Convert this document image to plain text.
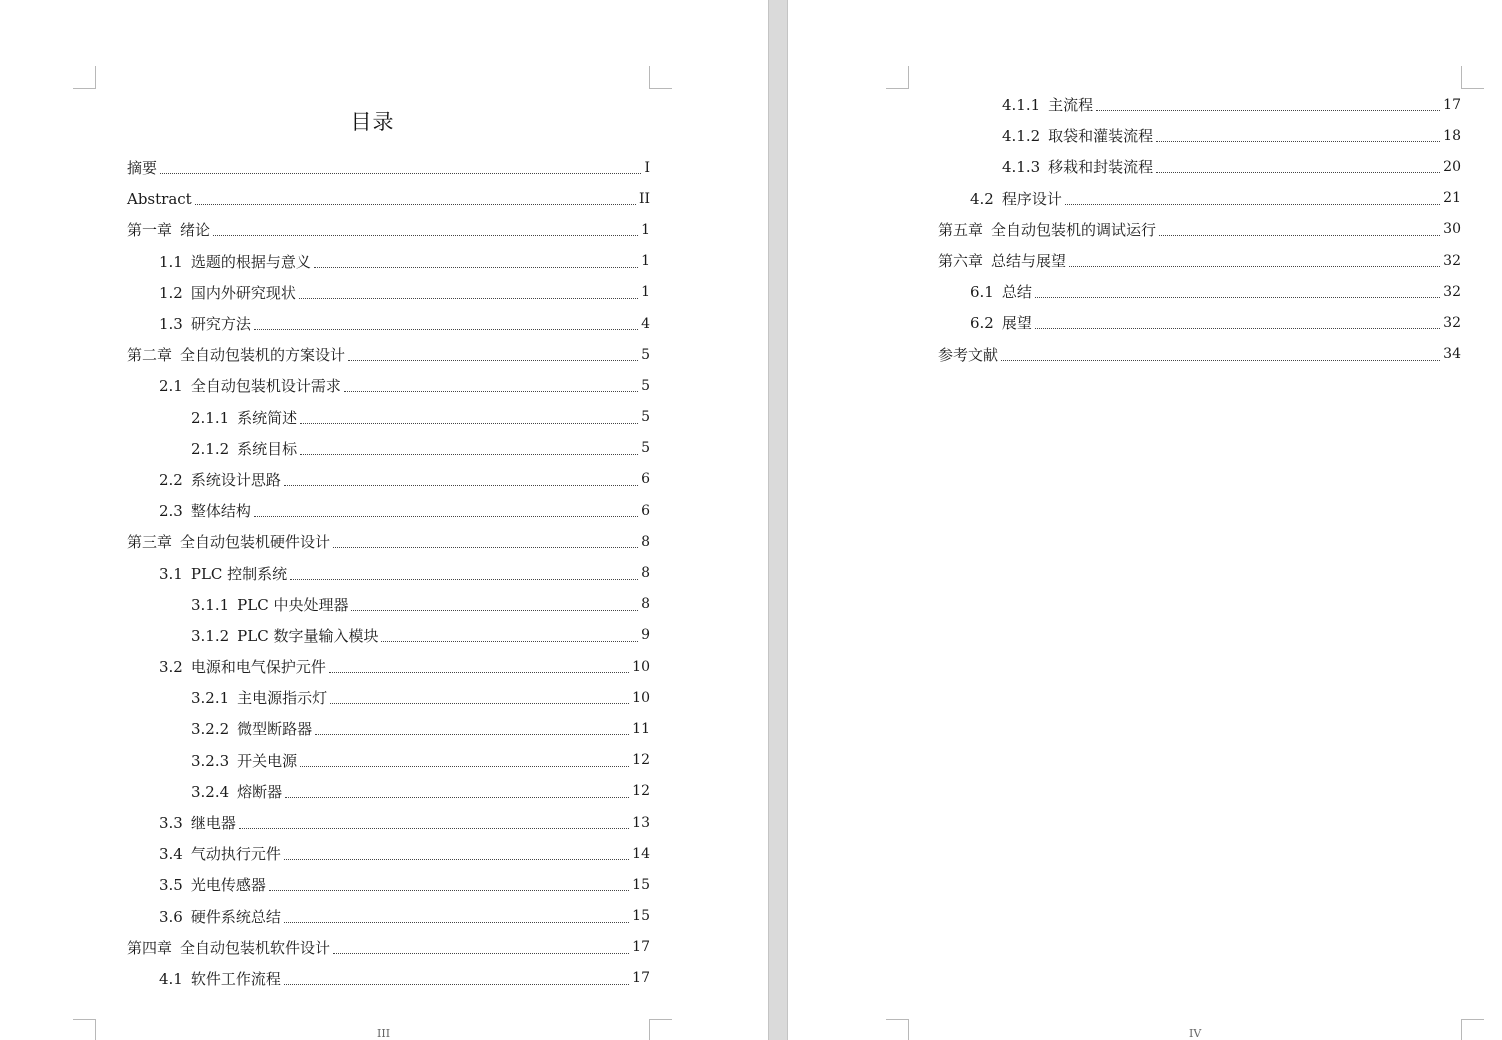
目录
摘要	I
Abstract	II
第一章 绪论	1
1.1 选题的根据与意义	1
1.2 国内外研究现状	1
1.3 研究方法	4
第二章 全自动包装机的方案设计	5
2.1 全自动包装机设计需求	5
2.1.1 系统简述	5
2.1.2 系统目标	5
2.2 系统设计思路	6
2.3 整体结构	6
第三章 全自动包装机硬件设计	8
3.1 PLC 控制系统	8
3.1.1 PLC 中央处理器	8
3.1.2 PLC 数字量输入模块	9
3.2 电源和电气保护元件	10
3.2.1 主电源指示灯	10
3.2.2 微型断路器	11
3.2.3 开关电源	12
3.2.4 熔断器	12
3.3 继电器	13
3.4 气动执行元件	14
3.5 光电传感器	15
3.6 硬件系统总结	15
第四章 全自动包装机软件设计	17
4.1 软件工作流程	17
III
4.1.1 主流程	17
4.1.2 取袋和灌装流程	18
4.1.3 移栽和封装流程	20
4.2 程序设计	21
第五章 全自动包装机的调试运行	30
第六章 总结与展望	32
6.1 总结	32
6.2 展望	32
参考文献	34
IV
